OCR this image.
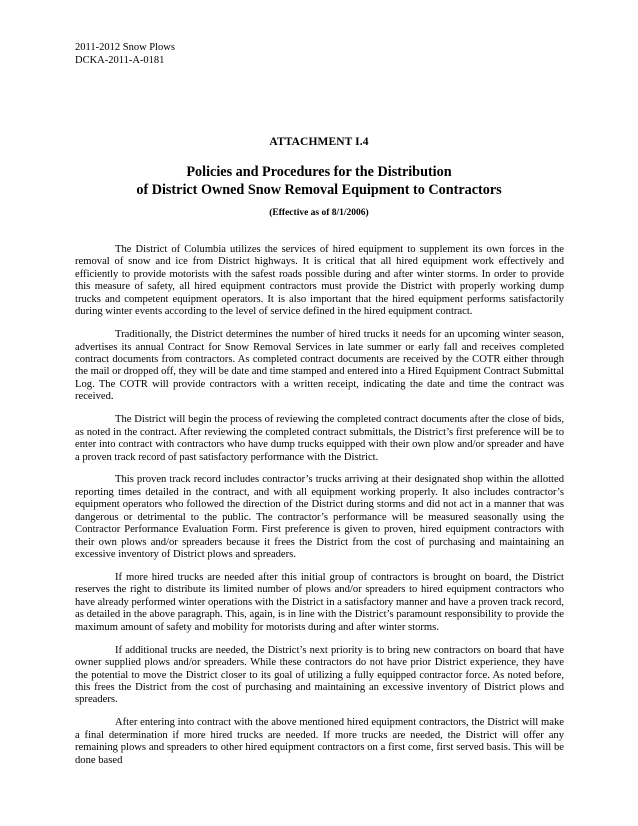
2011-2012 Snow Plows
DCKA-2011-A-0181
ATTACHMENT I.4
Policies and Procedures for the Distribution
of District Owned Snow Removal Equipment to Contractors
(Effective as of 8/1/2006)

The District of Columbia utilizes the services of hired equipment to supplement its own forces in the removal of snow and ice from District highways. It is critical that all hired equipment work effectively and efficiently to provide motorists with the safest roads possible during and after winter storms. In order to provide this measure of safety, all hired equipment contractors must provide the District with properly working dump trucks and competent equipment operators. It is also important that the hired equipment performs satisfactorily during winter events according to the level of service defined in the hired equipment contract.

Traditionally, the District determines the number of hired trucks it needs for an upcoming winter season, advertises its annual Contract for Snow Removal Services in late summer or early fall and receives completed contract documents from contractors. As completed contract documents are received by the COTR either through the mail or dropped off, they will be date and time stamped and entered into a Hired Equipment Contract Submittal Log. The COTR will provide contractors with a written receipt, indicating the date and time the contract was received.

The District will begin the process of reviewing the completed contract documents after the close of bids, as noted in the contract. After reviewing the completed contract submittals, the District’s first preference will be to enter into contract with contractors who have dump trucks equipped with their own plow and/or spreader and have a proven track record of past satisfactory performance with the District.

This proven track record includes contractor’s trucks arriving at their designated shop within the allotted reporting times detailed in the contract, and with all equipment working properly. It also includes contractor’s equipment operators who followed the direction of the District during storms and did not act in a manner that was dangerous or detrimental to the public. The contractor’s performance will be measured seasonally using the Contractor Performance Evaluation Form. First preference is given to proven, hired equipment contractors with their own plows and/or spreaders because it frees the District from the cost of purchasing and maintaining an excessive inventory of District plows and spreaders.

If more hired trucks are needed after this initial group of contractors is brought on board, the District reserves the right to distribute its limited number of plows and/or spreaders to hired equipment contractors who have already performed winter operations with the District in a satisfactory manner and have a proven track record, as detailed in the above paragraph. This, again, is in line with the District’s paramount responsibility to provide the maximum amount of safety and mobility for motorists during and after winter storms.

If additional trucks are needed, the District’s next priority is to bring new contractors on board that have owner supplied plows and/or spreaders. While these contractors do not have prior District experience, they have the potential to move the District closer to its goal of utilizing a fully equipped contractor force. As noted before, this frees the District from the cost of purchasing and maintaining an excessive inventory of District plows and spreaders.

After entering into contract with the above mentioned hired equipment contractors, the District will make a final determination if more hired trucks are needed. If more trucks are needed, the District will offer any remaining plows and spreaders to other hired equipment contractors on a first come, first served basis. This will be done based
